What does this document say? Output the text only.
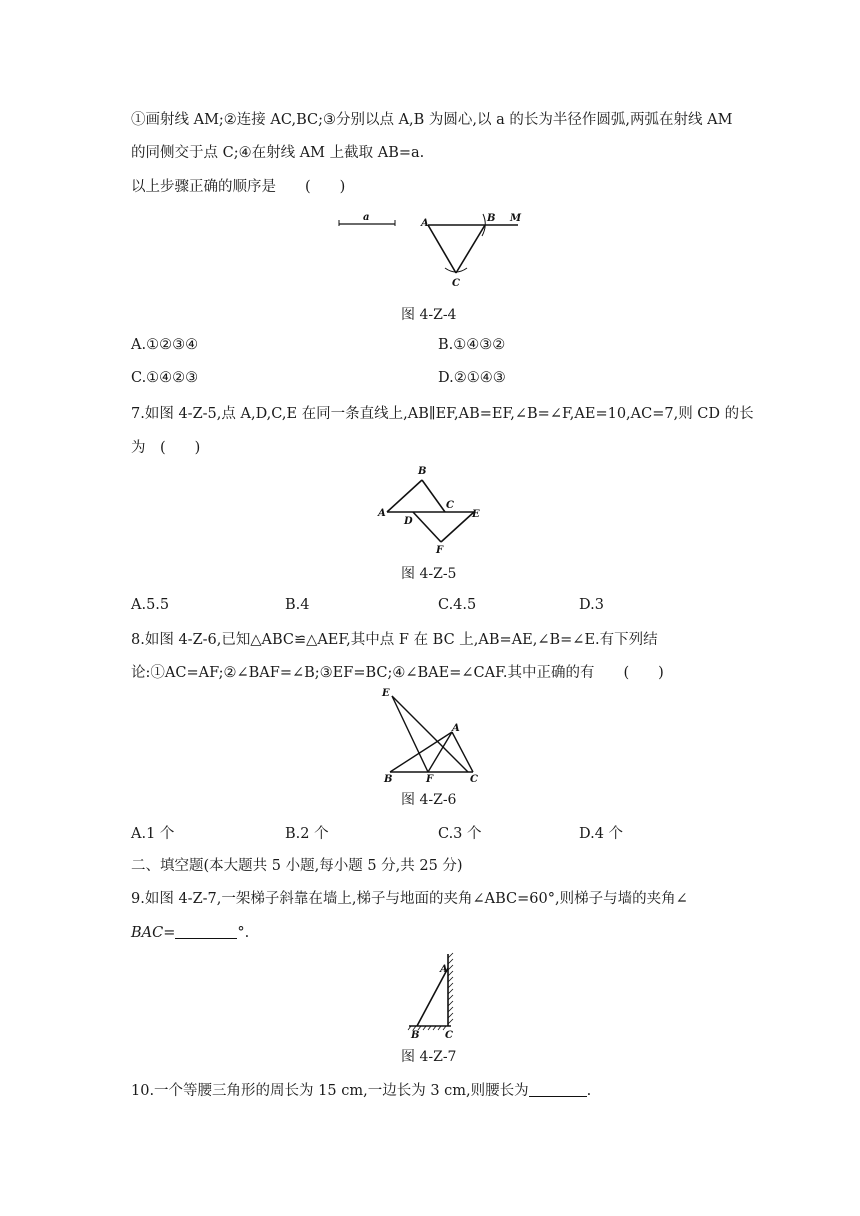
①画射线 AM;②连接 AC,BC;③分别以点 A,B 为圆心,以 a 的长为半径作圆弧,两弧在射线 AM
的同侧交于点 C;④在射线 AM 上截取 AB=a.
以上步骤正确的顺序是　　(　　)
a
A	B M
C
图 4-Z-4
A.①②③④	B.①④③②
C.①④②③	D.②①④③
7.如图 4-Z-5,点 A,D,C,E 在同一条直线上,AB∥EF,AB=EF,∠B=∠F,AE=10,AC=7,则 CD 的长
为　(　　)
B
A
C
D
E
F
图 4-Z-5
A.5.5	B.4	C.4.5	D.3
8.如图 4-Z-6,已知△ABC≌△AEF,其中点 F 在 BC 上,AB=AE,∠B=∠E.有下列结
论:①AC=AF;②∠BAF=∠B;③EF=BC;④∠BAE=∠CAF.其中正确的有　　(　　)
E
A
B	F	C
图 4-Z-6
A.1 个	B.2 个	C.3 个	D.4 个
二、填空题(本大题共 5 小题,每小题 5 分,共 25 分)
9.如图 4-Z-7,一架梯子斜靠在墙上,梯子与地面的夹角∠ABC=60°,则梯子与墙的夹角∠
BAC=	°.
A
B	C
图 4-Z-7
10.一个等腰三角形的周长为 15 cm,一边长为 3 cm,则腰长为	.
